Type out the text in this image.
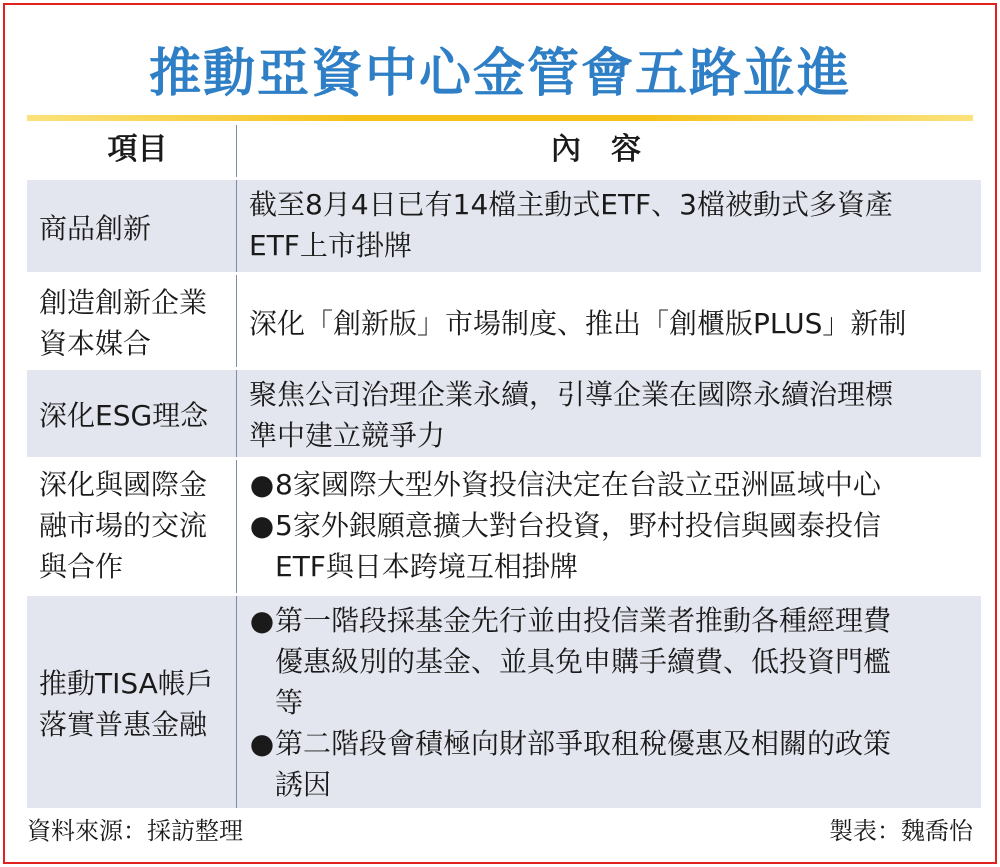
推動亞資中心金管會五路並進
項目	內容
商品創新
截至8月4日已有14檔主動式ETF、3檔被動式多資產
ETF上市掛牌
創造創新企業
資本媒合
深化「創新版」市場制度、推出「創櫃版PLUS」新制
深化ESG理念
聚焦公司治理企業永續，引導企業在國際永續治理標
準中建立競爭力
深化與國際金
融市場的交流
與合作
● 8家國際大型外資投信決定在台設立亞洲區域中心
● 5家外銀願意擴大對台投資，野村投信與國泰投信
ETF與日本跨境互相掛牌
推動TISA帳戶
落實普惠金融
● 第一階段採基金先行並由投信業者推動各種經理費
優惠級別的基金、並具免申購手續費、低投資門檻
等
● 第二階段會積極向財部爭取租稅優惠及相關的政策
誘因
資料來源：採訪整理	製表：魏喬怡
